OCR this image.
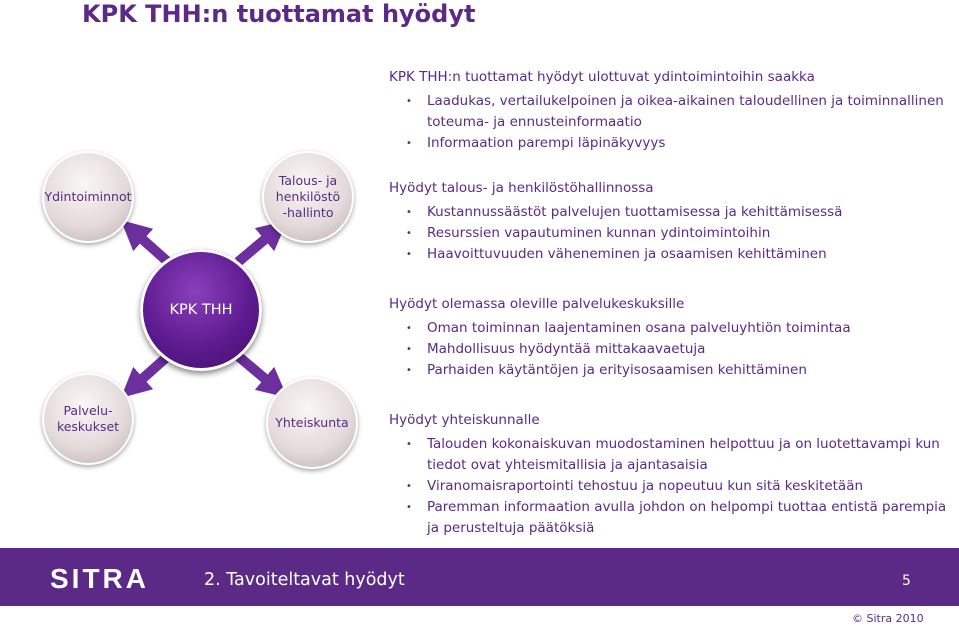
KPK THH:n tuottamat hyödyt
Ydintoiminnot
Talous- ja henkilöstö-hallinto
KPK THH
Palvelu-keskukset	Yhteiskunta

KPK THH:n tuottamat hyödyt ulottuvat ydintoimintoihin saakka

• Laadukas, vertailukelpoinen ja oikea-aikainen taloudellinen ja toiminnallinen toteuma- ja ennusteinformaatio
• Informaation parempi läpinäkyvyys

Hyödyt talous- ja henkilöstöhallinnossa

• Kustannussäästöt palvelujen tuottamisessa ja kehittämisessä
• Resurssien vapautuminen kunnan ydintoimintoihin
• Haavoittuvuuden väheneminen ja osaamisen kehittäminen

Hyödyt olemassa oleville palvelukeskuksille

• Oman toiminnan laajentaminen osana palveluyhtiön toimintaa
• Mahdollisuus hyödyntää mittakaavaetuja
• Parhaiden käytäntöjen ja erityisosaamisen kehittäminen

Hyödyt yhteiskunnalle

• Talouden kokonaiskuvan muodostaminen helpottuu ja on luotettavampi kun tiedot ovat yhteismitallisia ja ajantasaisia
• Viranomaisraportointi tehostuu ja nopeutuu kun sitä keskitetään
• Paremman informaation avulla johdon on helpompi tuottaa entistä parempia ja perusteltuja päätöksiä
SITRA	2. Tavoiteltavat hyödyt	5
© Sitra 2010
